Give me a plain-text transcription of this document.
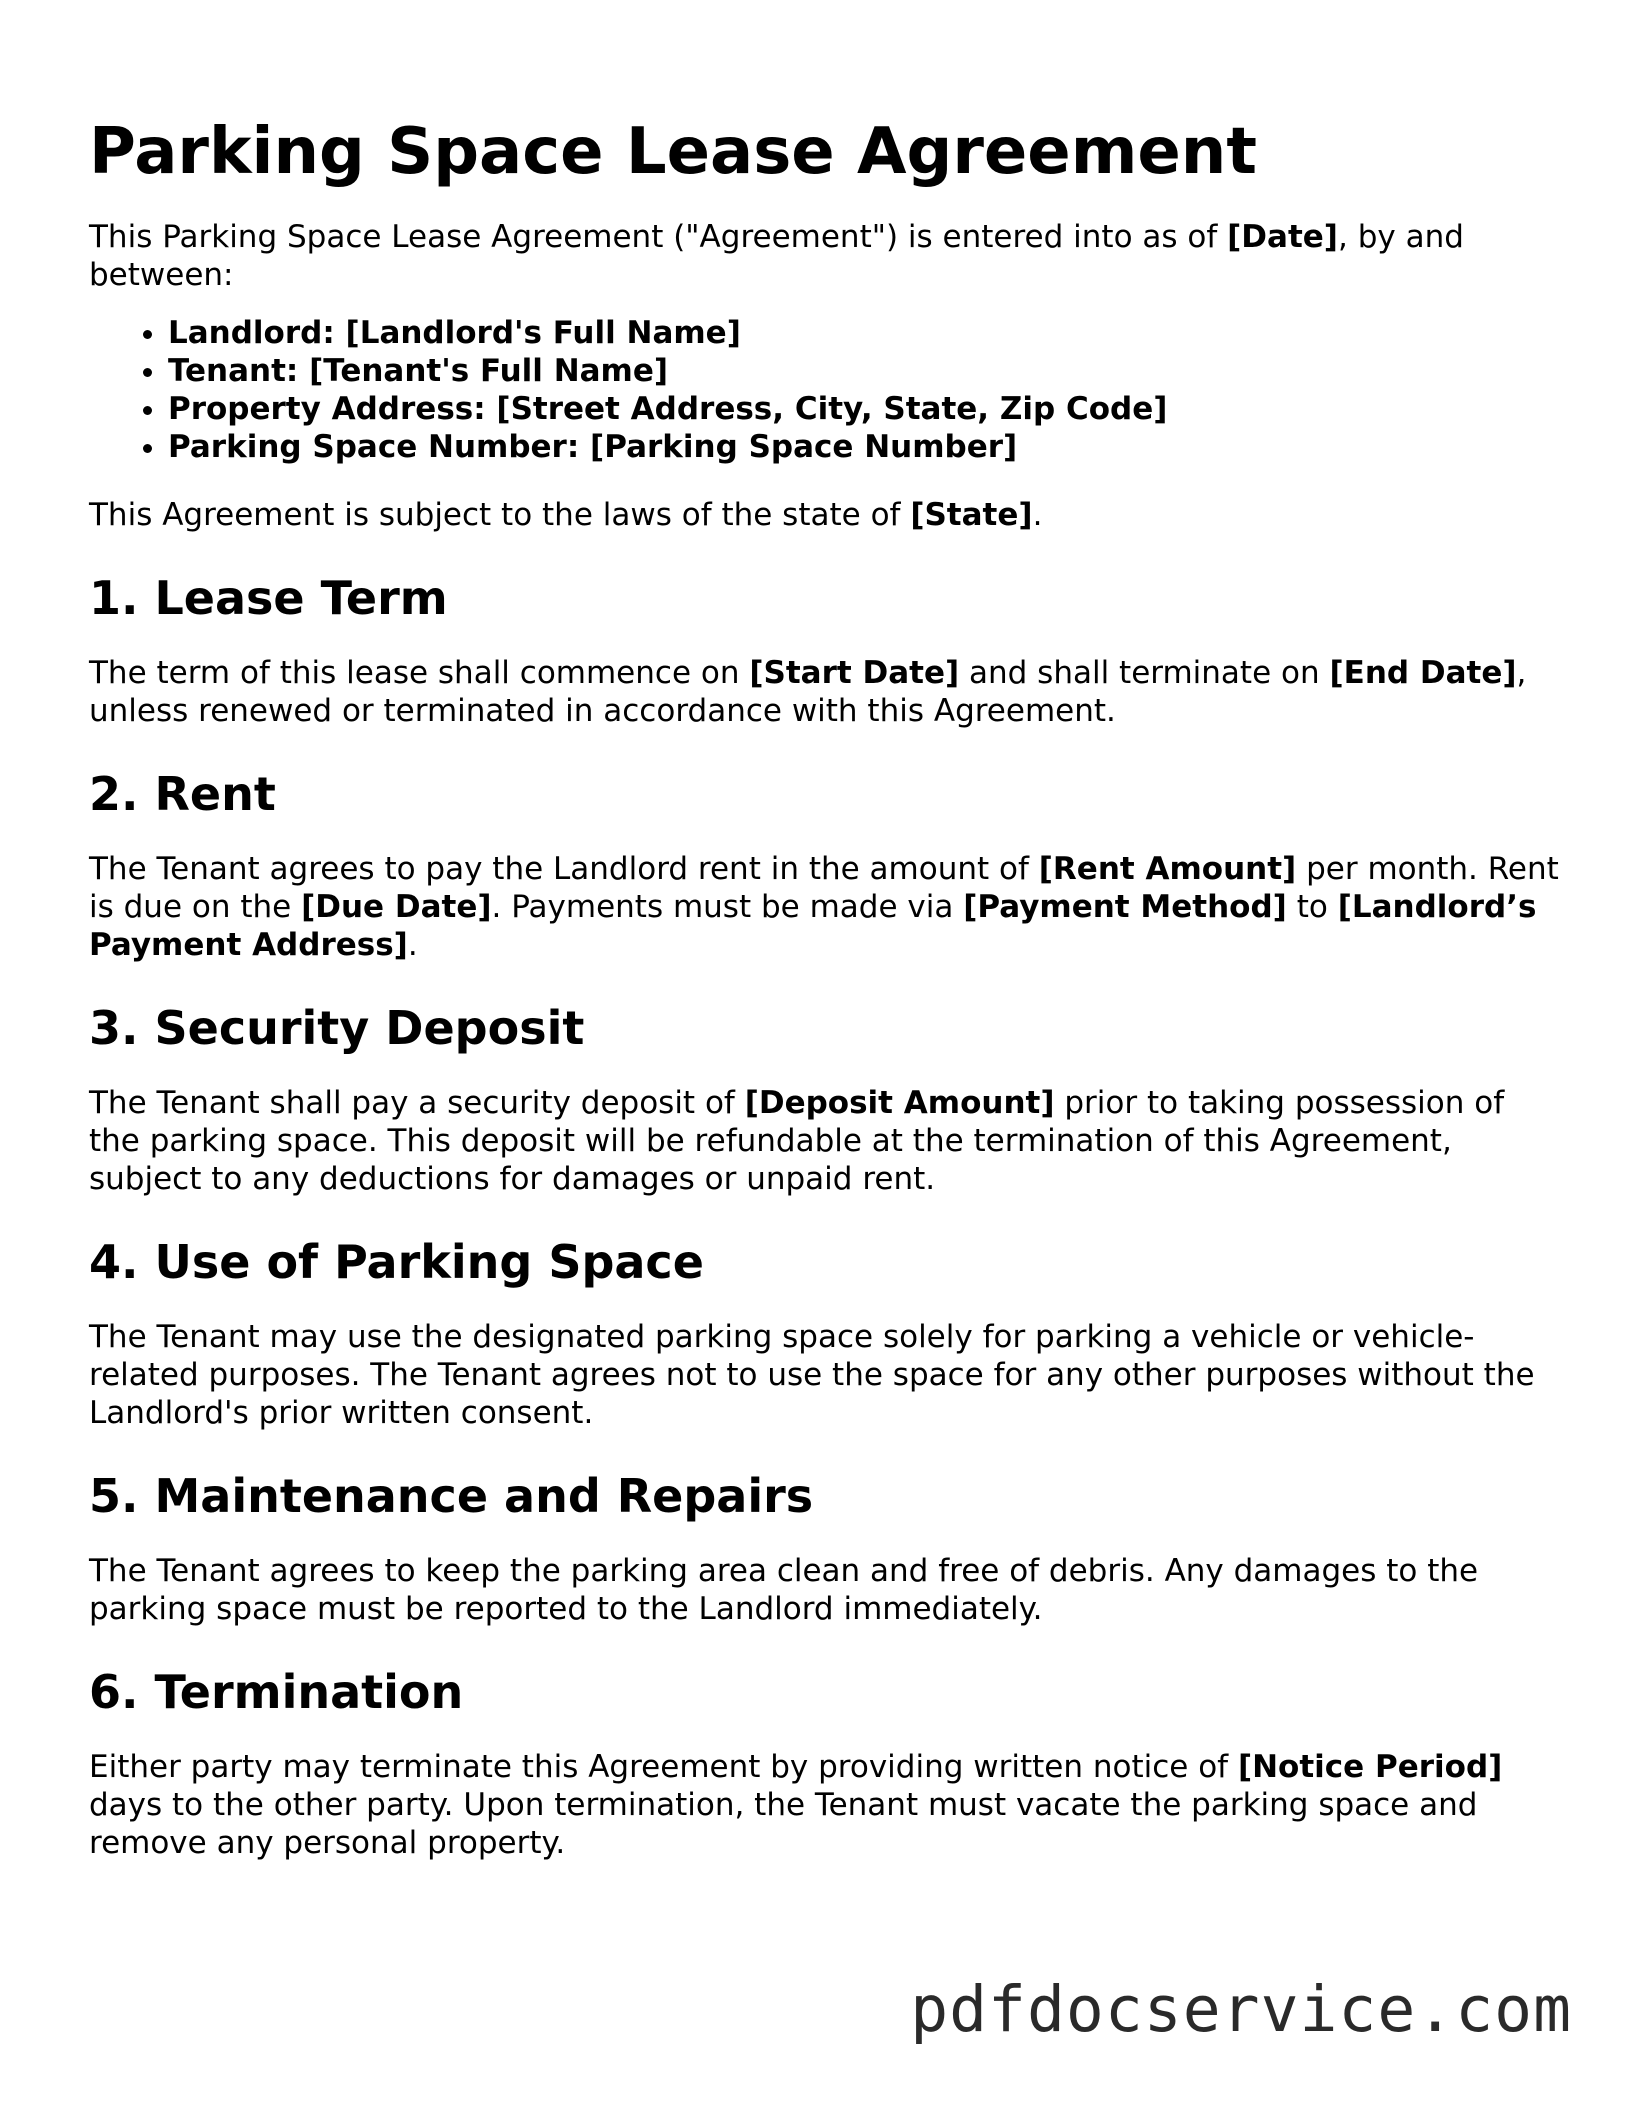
Parking Space Lease Agreement

This Parking Space Lease Agreement ("Agreement") is entered into as of [Date], by and between:

• Landlord: [Landlord's Full Name]
• Tenant: [Tenant's Full Name]
• Property Address: [Street Address, City, State, Zip Code]
• Parking Space Number: [Parking Space Number]

This Agreement is subject to the laws of the state of [State].

1. Lease Term

The term of this lease shall commence on [Start Date] and shall terminate on [End Date], unless renewed or terminated in accordance with this Agreement.

2. Rent

The Tenant agrees to pay the Landlord rent in the amount of [Rent Amount] per month. Rent is due on the [Due Date]. Payments must be made via [Payment Method] to [Landlord’s Payment Address].

3. Security Deposit

The Tenant shall pay a security deposit of [Deposit Amount] prior to taking possession of the parking space. This deposit will be refundable at the termination of this Agreement, subject to any deductions for damages or unpaid rent.

4. Use of Parking Space

The Tenant may use the designated parking space solely for parking a vehicle or vehicle-related purposes. The Tenant agrees not to use the space for any other purposes without the Landlord's prior written consent.

5. Maintenance and Repairs

The Tenant agrees to keep the parking area clean and free of debris. Any damages to the parking space must be reported to the Landlord immediately.

6. Termination

Either party may terminate this Agreement by providing written notice of [Notice Period] days to the other party. Upon termination, the Tenant must vacate the parking space and remove any personal property.

pdfdocservice.com
